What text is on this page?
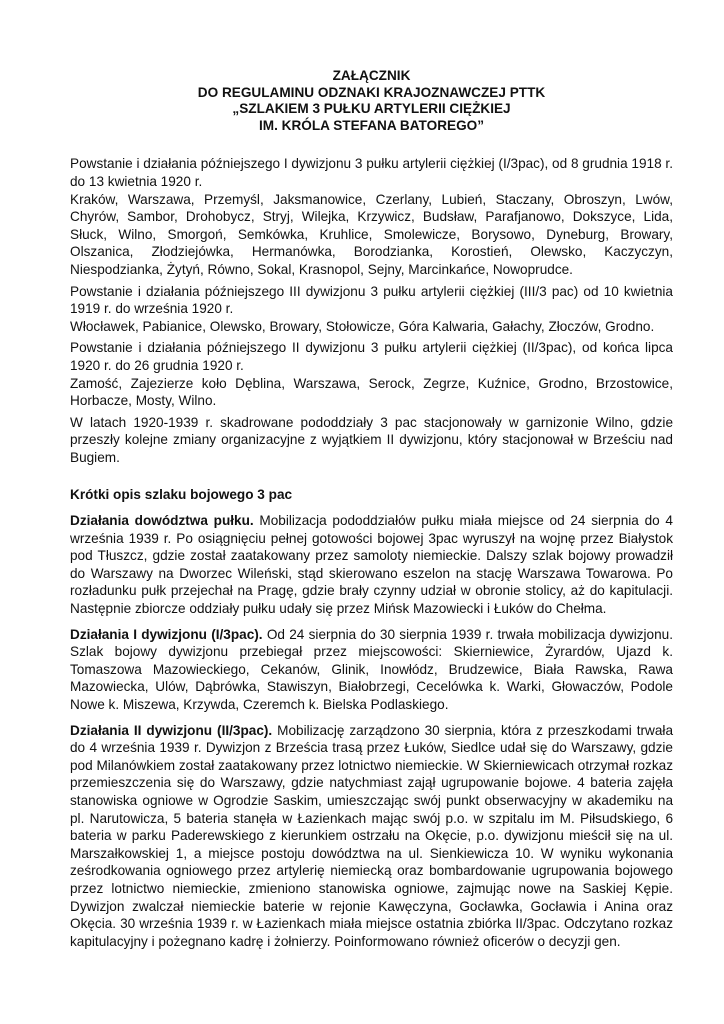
ZAŁĄCZNIK
DO REGULAMINU ODZNAKI KRAJOZNAWCZEJ PTTK
„SZLAKIEM 3 PUŁKU ARTYLERII CIĘŻKIEJ
IM. KRÓLA STEFANA BATOREGO”

Powstanie i działania późniejszego I dywizjonu 3 pułku artylerii ciężkiej (I/3pac), od 8 grudnia 1918 r. do 13 kwietnia 1920 r.

Kraków, Warszawa, Przemyśl, Jaksmanowice, Czerlany, Lubień, Staczany, Obroszyn, Lwów, Chyrów, Sambor, Drohobycz, Stryj, Wilejka, Krzywicz, Budsław, Parafjanowo, Dokszyce, Lida, Słuck, Wilno, Smorgoń, Semkówka, Kruhlice, Smolewicze, Borysowo, Dyneburg, Browary, Olszanica, Złodziejówka, Hermanówka, Borodzianka, Korostień, Olewsko, Kaczyczyn, Niespodzianka, Żytyń, Równo, Sokal, Krasnopol, Sejny, Marcinkańce, Nowoprudce.

Powstanie i działania późniejszego III dywizjonu 3 pułku artylerii ciężkiej (III/3 pac) od 10 kwietnia 1919 r. do września 1920 r.

Włocławek, Pabianice, Olewsko, Browary, Stołowicze, Góra Kalwaria, Gałachy, Złoczów, Grodno.

Powstanie i działania późniejszego II dywizjonu 3 pułku artylerii ciężkiej (II/3pac), od końca lipca 1920 r. do 26 grudnia 1920 r.

Zamość, Zajezierze koło Dęblina, Warszawa, Serock, Zegrze, Kuźnice, Grodno, Brzostowice, Horbacze, Mosty, Wilno.

W latach 1920-1939 r. skadrowane pododdziały 3 pac stacjonowały w garnizonie Wilno, gdzie przeszły kolejne zmiany organizacyjne z wyjątkiem II dywizjonu, który stacjonował w Brześciu nad Bugiem.

Krótki opis szlaku bojowego 3 pac
Działania dowództwa pułku. Mobilizacja pododdziałów pułku miała miejsce od 24 sierpnia do 4 września 1939 r. Po osiągnięciu pełnej gotowości bojowej 3pac wyruszył na wojnę przez Białystok pod Tłuszcz, gdzie został zaatakowany przez samoloty niemieckie. Dalszy szlak bojowy prowadził do Warszawy na Dworzec Wileński, stąd skierowano eszelon na stację Warszawa Towarowa. Po rozładunku pułk przejechał na Pragę, gdzie brały czynny udział w obronie stolicy, aż do kapitulacji. Następnie zbiorcze oddziały pułku udały się przez Mińsk Mazowiecki i Łuków do Chełma.
Działania I dywizjonu (I/3pac). Od 24 sierpnia do 30 sierpnia 1939 r. trwała mobilizacja dywizjonu. Szlak bojowy dywizjonu przebiegał przez miejscowości: Skierniewice, Żyrardów, Ujazd k. Tomaszowa Mazowieckiego, Cekanów, Glinik, Inowłódz, Brudzewice, Biała Rawska, Rawa Mazowiecka, Ulów, Dąbrówka, Stawiszyn, Białobrzegi, Cecelówka k. Warki, Głowaczów, Podole Nowe k. Miszewa, Krzywda, Czeremch k. Bielska Podlaskiego.
Działania II dywizjonu (II/3pac). Mobilizację zarządzono 30 sierpnia, która z przeszkodami trwała do 4 września 1939 r. Dywizjon z Brześcia trasą przez Łuków, Siedlce udał się do Warszawy, gdzie pod Milanówkiem został zaatakowany przez lotnictwo niemieckie. W Skierniewicach otrzymał rozkaz przemieszczenia się do Warszawy, gdzie natychmiast zajął ugrupowanie bojowe. 4 bateria zajęła stanowiska ogniowe w Ogrodzie Saskim, umieszczając swój punkt obserwacyjny w akademiku na pl. Narutowicza, 5 bateria stanęła w Łazienkach mając swój p.o. w szpitalu im M. Piłsudskiego, 6 bateria w parku Paderewskiego z kierunkiem ostrzału na Okęcie, p.o. dywizjonu mieścił się na ul. Marszałkowskiej 1, a miejsce postoju dowództwa na ul. Sienkiewicza 10. W wyniku wykonania ześrodkowania ogniowego przez artylerię niemiecką oraz bombardowanie ugrupowania bojowego przez lotnictwo niemieckie, zmieniono stanowiska ogniowe, zajmując nowe na Saskiej Kępie. Dywizjon zwalczał niemieckie baterie w rejonie Kawęczyna, Gocławka, Gocławia i Anina oraz Okęcia. 30 września 1939 r. w Łazienkach miała miejsce ostatnia zbiórka II/3pac. Odczytano rozkaz kapitulacyjny i pożegnano kadrę i żołnierzy. Poinformowano również oficerów o decyzji gen.
